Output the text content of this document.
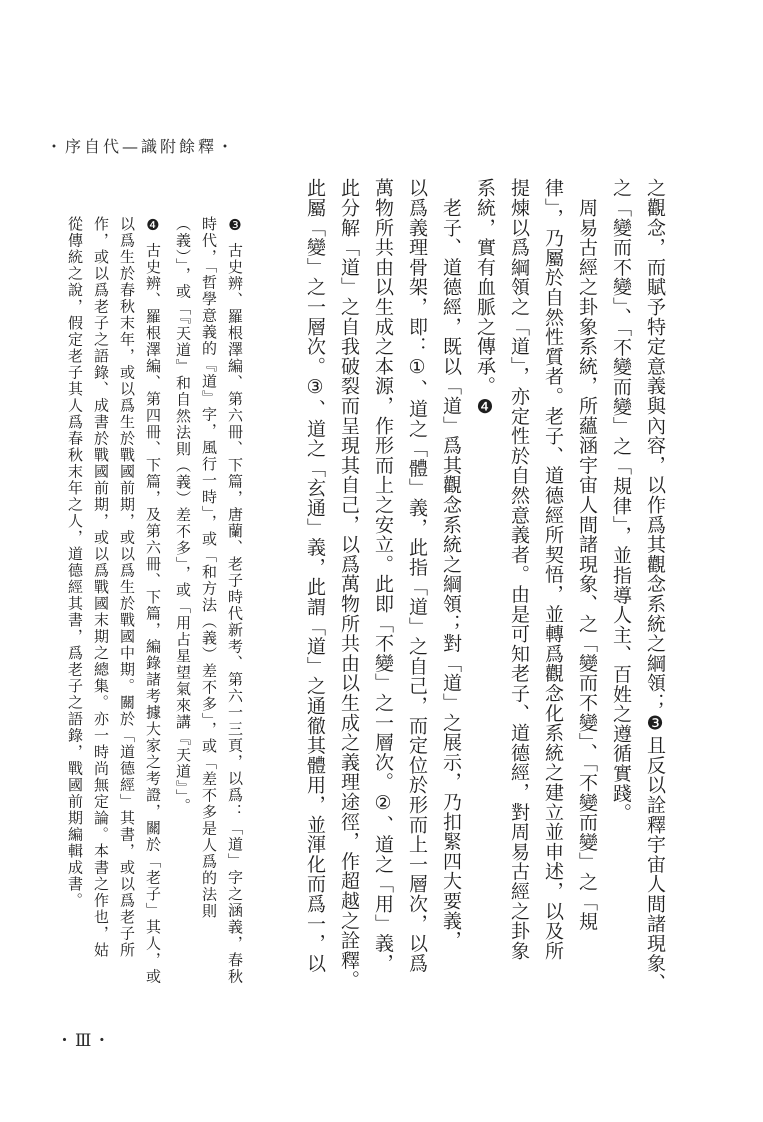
・序自代—識附餘釋・
之觀念，而賦予特定意義與內容，以作爲其觀念系統之綱領；❸且反以詮釋宇宙人間諸現象、
之「變而不變」、「不變而變」之「規律」，並指導人主、百姓之遵循實踐。
　周易古經之卦象系統，所蘊涵宇宙人間諸現象、之「變而不變」、「不變而變」之「規
律」，乃屬於自然性質者。老子、道德經所契悟，並轉爲觀念化系統之建立並申述，以及所
提煉以爲綱領之「道」，亦定性於自然意義者。由是可知老子、道德經，對周易古經之卦象
系統，實有血脈之傳承。❹
　老子、道德經，既以「道」爲其觀念系統之綱領；對「道」之展示，乃扣緊四大要義，
以爲義理骨架，即：①、道之「體」義，此指「道」之自己，而定位於形而上一層次，以爲
萬物所共由以生成之本源，作形而上之安立。此即「不變」之一層次。②、道之「用」義，
此分解「道」之自我破裂而呈現其自己，以爲萬物所共由以生成之義理途徑，作超越之詮釋。
此屬「變」之一層次。③、道之「玄通」義，此謂「道」之通徹其體用，並渾化而爲一，以
❸古史辨、羅根澤編、第六冊、下篇，唐蘭、老子時代新考、第六一三頁，以爲：「道」字之涵義，春秋
時代，「哲學意義的『道』字，風行一時」，或「和方法（義）差不多」，或「差不多是人爲的法則
（義）」，或「『天道』和自然法則（義）差不多」，或「用占星望氣來講『天道』」。
❹古史辨、羅根澤編、第四冊、下篇，及第六冊、下篇，編錄諸考據大家之考證，關於「老子」其人，或
以爲生於春秋末年，或以爲生於戰國前期，或以爲生於戰國中期。關於「道德經」其書，或以爲老子所
作，或以爲老子之語錄、成書於戰國前期，或以爲戰國末期之總集。亦一時尚無定論。本書之作也，姑
從傳統之說，假定老子其人爲春秋末年之人，道德經其書，爲老子之語錄，戰國前期編輯成書。
・Ⅲ・
